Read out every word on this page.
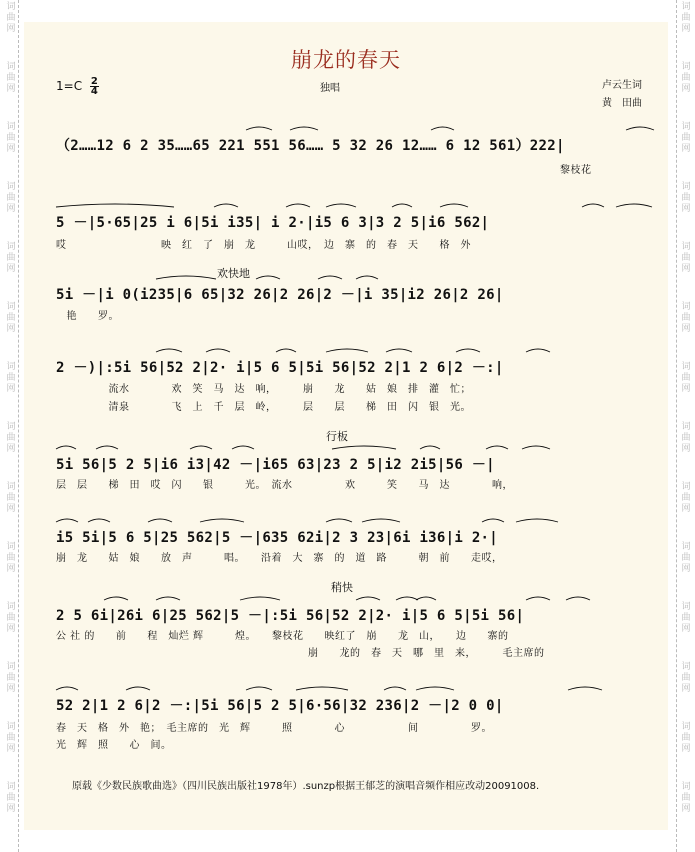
崩龙的春天
$1=C \frac{2}{4}$	独唱	卢云生词
黄　田曲
欢快地
行板
稍快
（2……12 6 2 35……65 221 551 56…… 5 32 26 12…… 6 12 561）222|
　　　　　　　　　　　　　　　　　　　　　　　　　　　　　　　　　　　　　　　　　　　　　　　　黎枝花
5 －|5·65|25 i 6|5i i35| i 2·|i5 6 3|3 2 5|i6 562|
哎　　　　　　　　　映　红　了　崩　龙　　　山哎，　边　寨　的　春　天　　格　外
5i －|i 0(i235|6 65|32 26|2 26|2 －|i 35|i2 26|2 26|
　艳　　罗。
2 －)|:5i 56|52 2|2· i|5 6 5|5i 56|52 2|1 2 6|2 －:|
　　　　　流水　　　　欢　笑　马　达　响，　　　崩　　龙　　姑　娘　排　灌　忙；
　　　　　清泉　　　　飞　上　千　层　岭，　　　层　　层　　梯　田　闪　银　光。
5i 56|5 2 5|i6 i3|42 －|i65 63|23 2 5|i2 2i5|56 －|
层　层　　梯　田　哎　闪　　银　　　光。　流水　　　　　欢　　　笑　　马　达　　　　响，
i5 5i|5 6 5|25 562|5 －|635 62i|2 3 23|6i i36|i 2·|
崩　龙　　姑　娘　　放　声　　　唱。　　沿着　大　寨　的　道　路　　　朝　前　　走哎，
2 5 6i|26i 6|25 562|5 －|:5i 56|52 2|2· i|5 6 5|5i 56|
公 社 的　　前　　程　灿烂 辉　　　煌。　　黎枝花　　映红了　崩　　龙　山，　　边　　寨的
　　　　　　　　　　　　　　　　　　　　　　　　崩　　龙的　春　天　哪　里　来，　　　毛主席的
52 2|1 2 6|2 －:|5i 56|5 2 5|6·56|32 236|2 －|2 0 0|
春　天　格　外　艳；　毛主席的　光　辉　　　照　　　　心　　　　　　间　　　　　罗。
光　辉　照　　心　间。
原载《少数民族歌曲选》（四川民族出版社1978年）.sunzp根据王郁芝的演唱音频作相应改动20091008.
词
曲
网
词
曲
网
词
曲
网
词
曲
网
词
曲
网
词
曲
网
词
曲
网
词
曲
网
词
曲
网
词
曲
网
词
曲
网
词
曲
网
词
曲
网
词
曲
网
词
曲
网
词
曲
网
词
曲
网
词
曲
网
词
曲
网
词
曲
网
词
曲
网
词
曲
网
词
曲
网
词
曲
网
词
曲
网
词
曲
网
词
曲
网
词
曲
网
